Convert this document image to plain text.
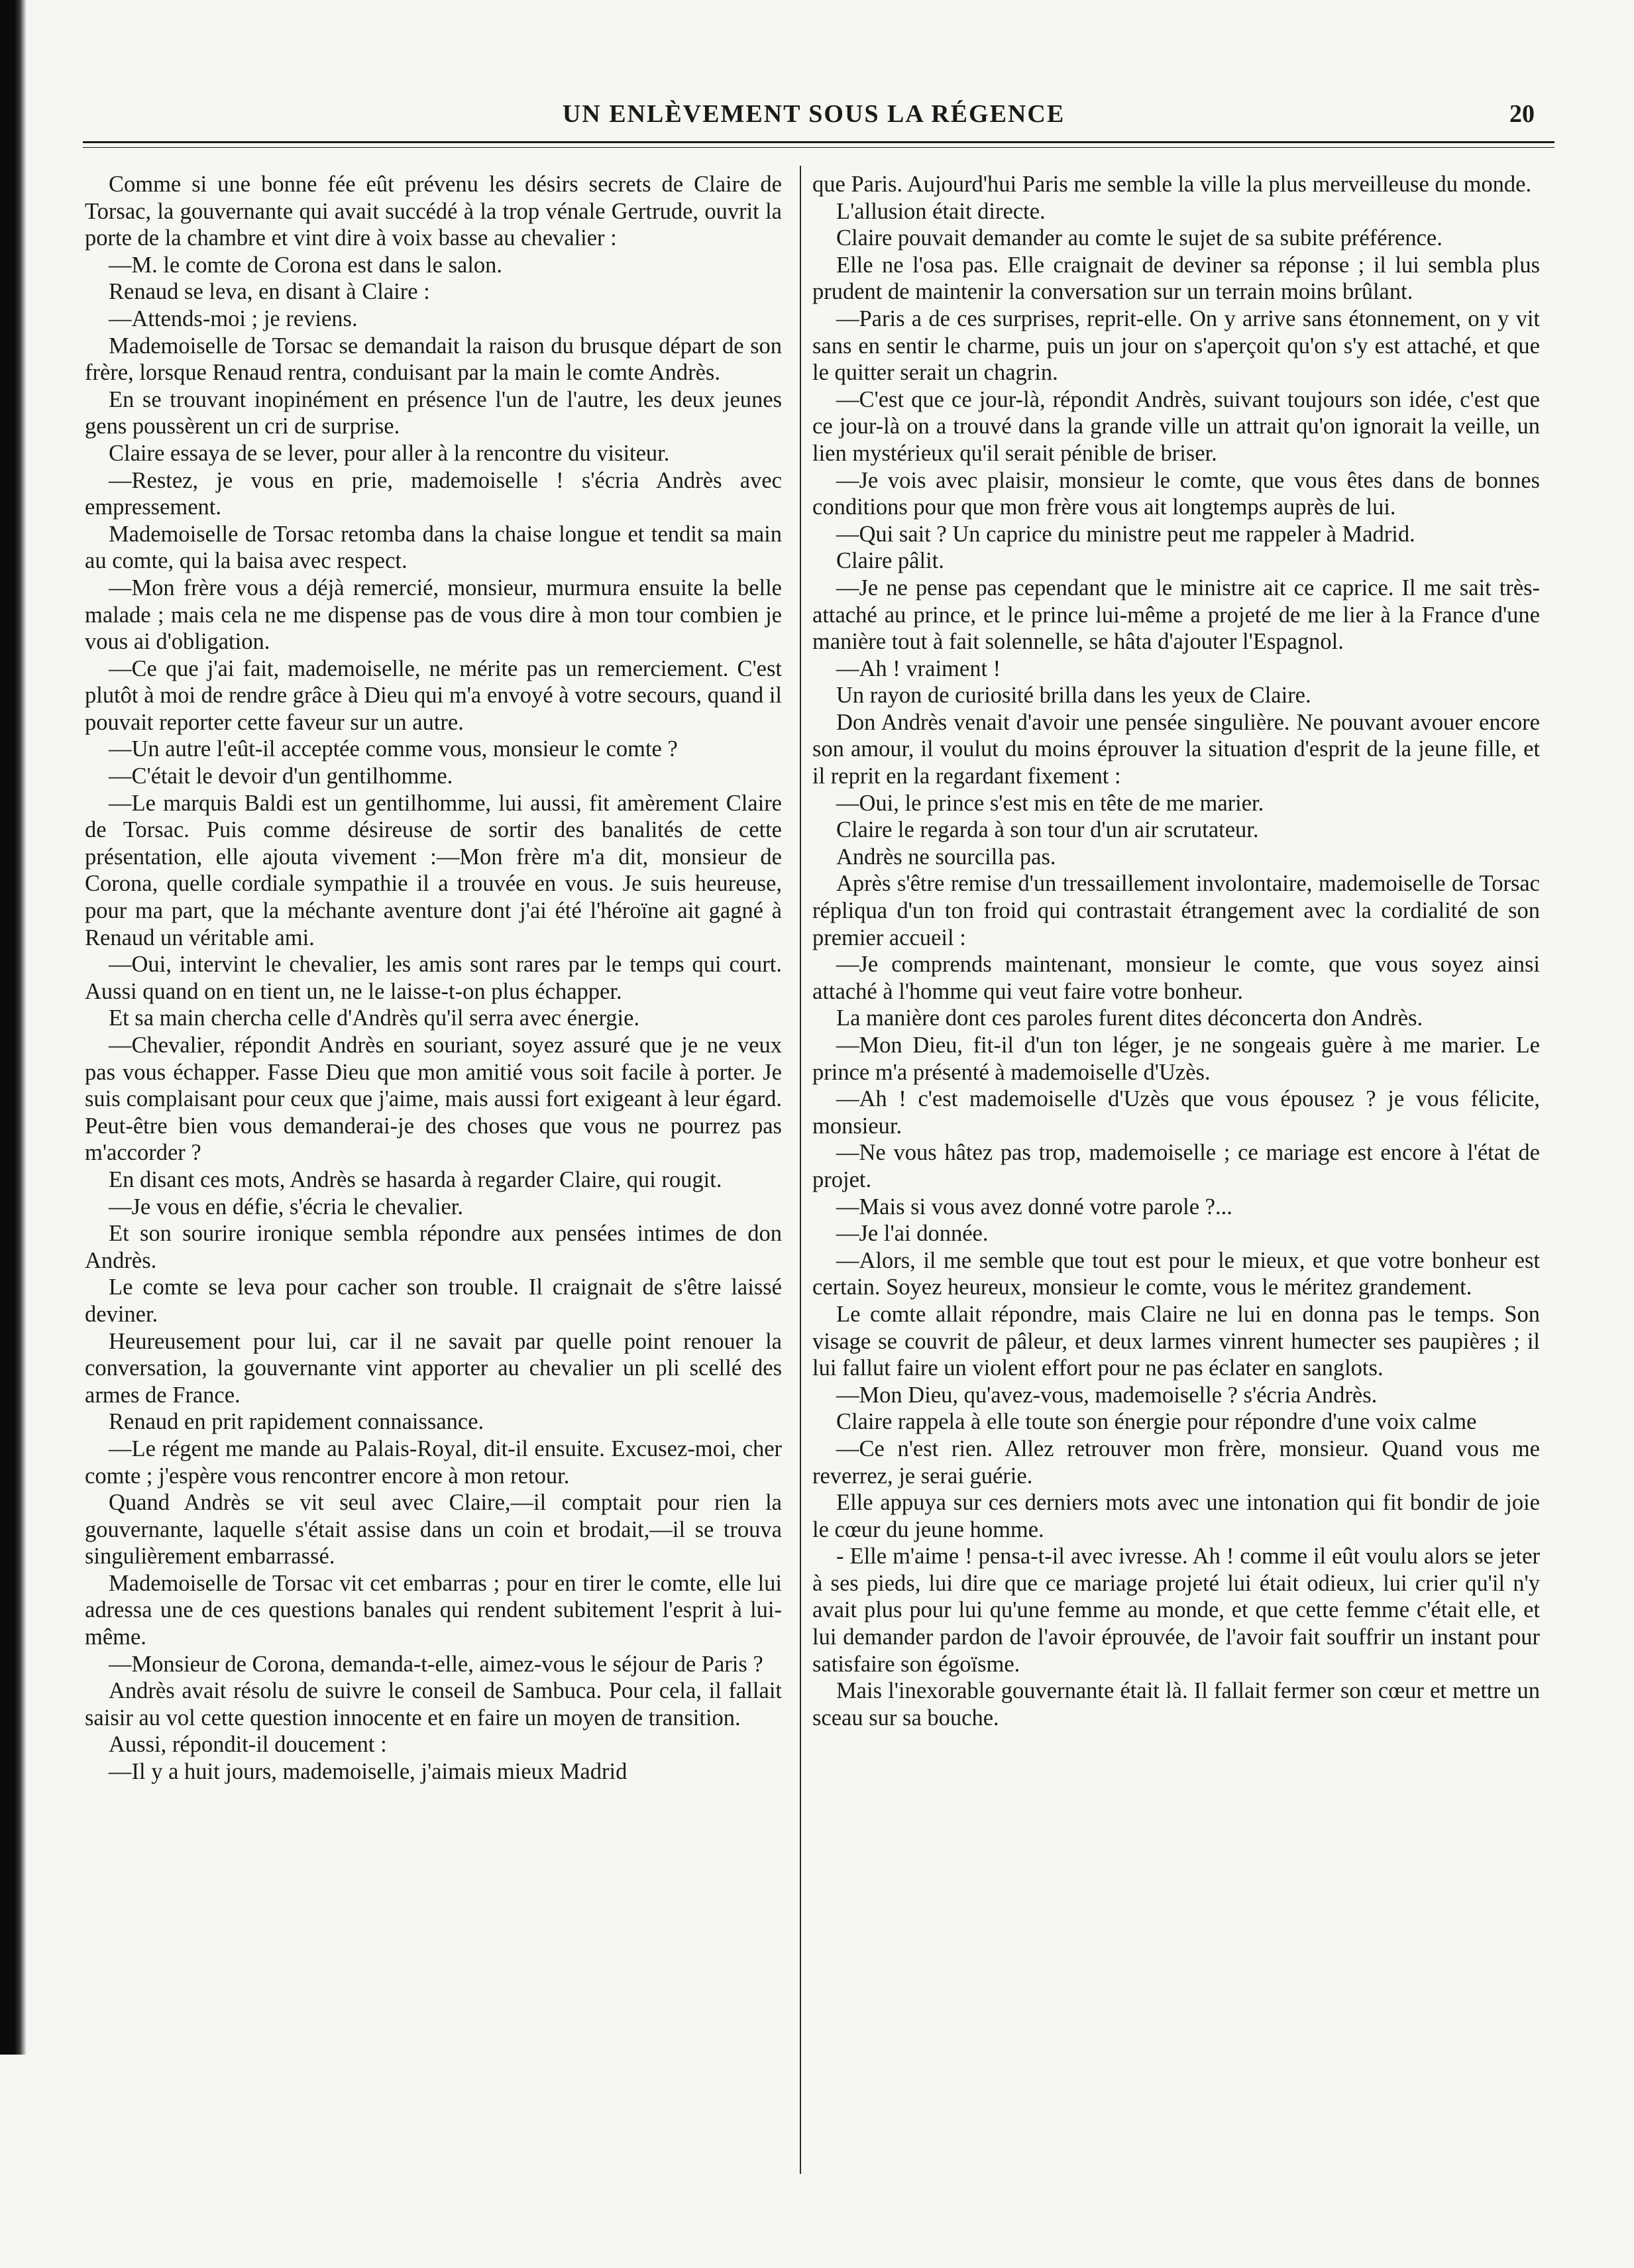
UN ENLÈVEMENT SOUS LA RÉGENCE	20

Comme si une bonne fée eût prévenu les désirs secrets de Claire de Torsac, la gouvernante qui avait succédé à la trop vénale Gertrude, ouvrit la porte de la chambre et vint dire à voix basse au chevalier :

—M. le comte de Corona est dans le salon.

Renaud se leva, en disant à Claire :

—Attends-moi ; je reviens.

Mademoiselle de Torsac se demandait la raison du brusque départ de son frère, lorsque Renaud rentra, conduisant par la main le comte Andrès.

En se trouvant inopinément en présence l'un de l'autre, les deux jeunes gens poussèrent un cri de surprise.

Claire essaya de se lever, pour aller à la rencontre du visiteur.

—Restez, je vous en prie, mademoiselle ! s'écria Andrès avec empressement.

Mademoiselle de Torsac retomba dans la chaise longue et tendit sa main au comte, qui la baisa avec respect.

—Mon frère vous a déjà remercié, monsieur, murmura ensuite la belle malade ; mais cela ne me dispense pas de vous dire à mon tour combien je vous ai d'obligation.

—Ce que j'ai fait, mademoiselle, ne mérite pas un remerciement. C'est plutôt à moi de rendre grâce à Dieu qui m'a envoyé à votre secours, quand il pouvait reporter cette faveur sur un autre.

—Un autre l'eût-il acceptée comme vous, monsieur le comte ?

—C'était le devoir d'un gentilhomme.

—Le marquis Baldi est un gentilhomme, lui aussi, fit amèrement Claire de Torsac. Puis comme désireuse de sortir des banalités de cette présentation, elle ajouta vivement :—Mon frère m'a dit, monsieur de Corona, quelle cordiale sympathie il a trouvée en vous. Je suis heureuse, pour ma part, que la méchante aventure dont j'ai été l'héroïne ait gagné à Renaud un véritable ami.

—Oui, intervint le chevalier, les amis sont rares par le temps qui court. Aussi quand on en tient un, ne le laisse-t-on plus échapper.

Et sa main chercha celle d'Andrès qu'il serra avec énergie.

—Chevalier, répondit Andrès en souriant, soyez assuré que je ne veux pas vous échapper. Fasse Dieu que mon amitié vous soit facile à porter. Je suis complaisant pour ceux que j'aime, mais aussi fort exigeant à leur égard. Peut-être bien vous demanderai-je des choses que vous ne pourrez pas m'accorder ?

En disant ces mots, Andrès se hasarda à regarder Claire, qui rougit.

—Je vous en défie, s'écria le chevalier.

Et son sourire ironique sembla répondre aux pensées intimes de don Andrès.

Le comte se leva pour cacher son trouble. Il craignait de s'être laissé deviner.

Heureusement pour lui, car il ne savait par quelle point renouer la conversation, la gouvernante vint apporter au chevalier un pli scellé des armes de France.

Renaud en prit rapidement connaissance.

—Le régent me mande au Palais-Royal, dit-il ensuite. Excusez-moi, cher comte ; j'espère vous rencontrer encore à mon retour.

Quand Andrès se vit seul avec Claire,—il comptait pour rien la gouvernante, laquelle s'était assise dans un coin et brodait,—il se trouva singulièrement embarrassé.

Mademoiselle de Torsac vit cet embarras ; pour en tirer le comte, elle lui adressa une de ces questions banales qui rendent subitement l'esprit à lui-même.

—Monsieur de Corona, demanda-t-elle, aimez-vous le séjour de Paris ?

Andrès avait résolu de suivre le conseil de Sambuca. Pour cela, il fallait saisir au vol cette question innocente et en faire un moyen de transition.

Aussi, répondit-il doucement :

—Il y a huit jours, mademoiselle, j'aimais mieux Madrid

que Paris. Aujourd'hui Paris me semble la ville la plus merveilleuse du monde.

L'allusion était directe.

Claire pouvait demander au comte le sujet de sa subite préférence.

Elle ne l'osa pas. Elle craignait de deviner sa réponse ; il lui sembla plus prudent de maintenir la conversation sur un terrain moins brûlant.

—Paris a de ces surprises, reprit-elle. On y arrive sans étonnement, on y vit sans en sentir le charme, puis un jour on s'aperçoit qu'on s'y est attaché, et que le quitter serait un chagrin.

—C'est que ce jour-là, répondit Andrès, suivant toujours son idée, c'est que ce jour-là on a trouvé dans la grande ville un attrait qu'on ignorait la veille, un lien mystérieux qu'il serait pénible de briser.

—Je vois avec plaisir, monsieur le comte, que vous êtes dans de bonnes conditions pour que mon frère vous ait longtemps auprès de lui.

—Qui sait ? Un caprice du ministre peut me rappeler à Madrid.

Claire pâlit.

—Je ne pense pas cependant que le ministre ait ce caprice. Il me sait très-attaché au prince, et le prince lui-même a projeté de me lier à la France d'une manière tout à fait solennelle, se hâta d'ajouter l'Espagnol.

—Ah ! vraiment !

Un rayon de curiosité brilla dans les yeux de Claire.

Don Andrès venait d'avoir une pensée singulière. Ne pouvant avouer encore son amour, il voulut du moins éprouver la situation d'esprit de la jeune fille, et il reprit en la regardant fixement :

—Oui, le prince s'est mis en tête de me marier.

Claire le regarda à son tour d'un air scrutateur.

Andrès ne sourcilla pas.

Après s'être remise d'un tressaillement involontaire, mademoiselle de Torsac répliqua d'un ton froid qui contrastait étrangement avec la cordialité de son premier accueil :

—Je comprends maintenant, monsieur le comte, que vous soyez ainsi attaché à l'homme qui veut faire votre bonheur.

La manière dont ces paroles furent dites déconcerta don Andrès.

—Mon Dieu, fit-il d'un ton léger, je ne songeais guère à me marier. Le prince m'a présenté à mademoiselle d'Uzès.

—Ah ! c'est mademoiselle d'Uzès que vous épousez ? je vous félicite, monsieur.

—Ne vous hâtez pas trop, mademoiselle ; ce mariage est encore à l'état de projet.

—Mais si vous avez donné votre parole ?...

—Je l'ai donnée.

—Alors, il me semble que tout est pour le mieux, et que votre bonheur est certain. Soyez heureux, monsieur le comte, vous le méritez grandement.

Le comte allait répondre, mais Claire ne lui en donna pas le temps. Son visage se couvrit de pâleur, et deux larmes vinrent humecter ses paupières ; il lui fallut faire un violent effort pour ne pas éclater en sanglots.

—Mon Dieu, qu'avez-vous, mademoiselle ? s'écria Andrès.

Claire rappela à elle toute son énergie pour répondre d'une voix calme

—Ce n'est rien. Allez retrouver mon frère, monsieur. Quand vous me reverrez, je serai guérie.

Elle appuya sur ces derniers mots avec une intonation qui fit bondir de joie le cœur du jeune homme.

- Elle m'aime ! pensa-t-il avec ivresse. Ah ! comme il eût voulu alors se jeter à ses pieds, lui dire que ce mariage projeté lui était odieux, lui crier qu'il n'y avait plus pour lui qu'une femme au monde, et que cette femme c'était elle, et lui demander pardon de l'avoir éprouvée, de l'avoir fait souffrir un instant pour satisfaire son égoïsme.

Mais l'inexorable gouvernante était là. Il fallait fermer son cœur et mettre un sceau sur sa bouche.
